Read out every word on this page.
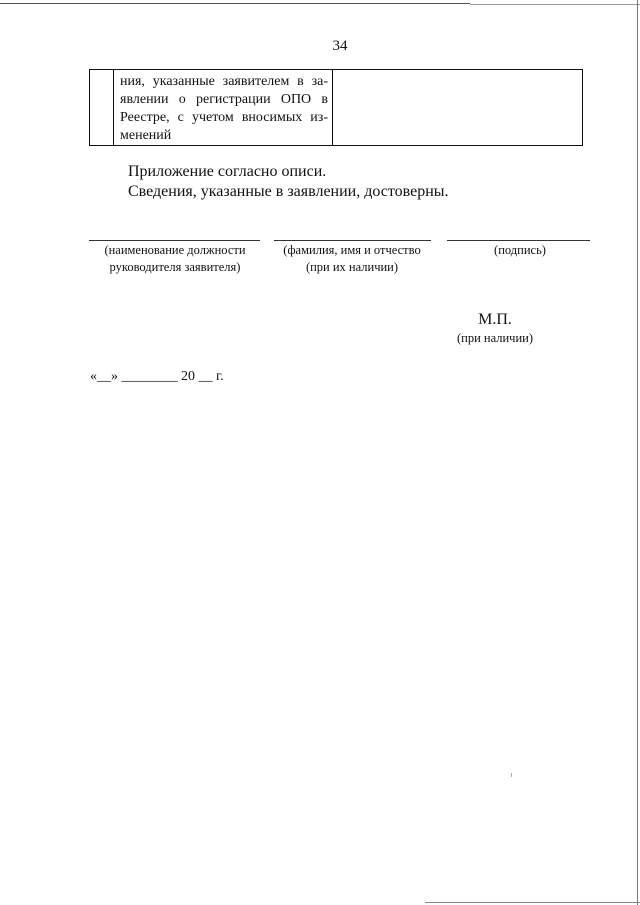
34

ния, указанные заявителем в за- явлении о регистрации ОПО в Реестре, с учетом вносимых из- менений

Приложение согласно описи.
Сведения, указанные в заявлении, достоверны.
(наименование должности
руководителя заявителя)
(фамилия, имя и отчество
(при их наличии)
(подпись)
М.П.
(при наличии)
«__» ________ 20 __ г.
